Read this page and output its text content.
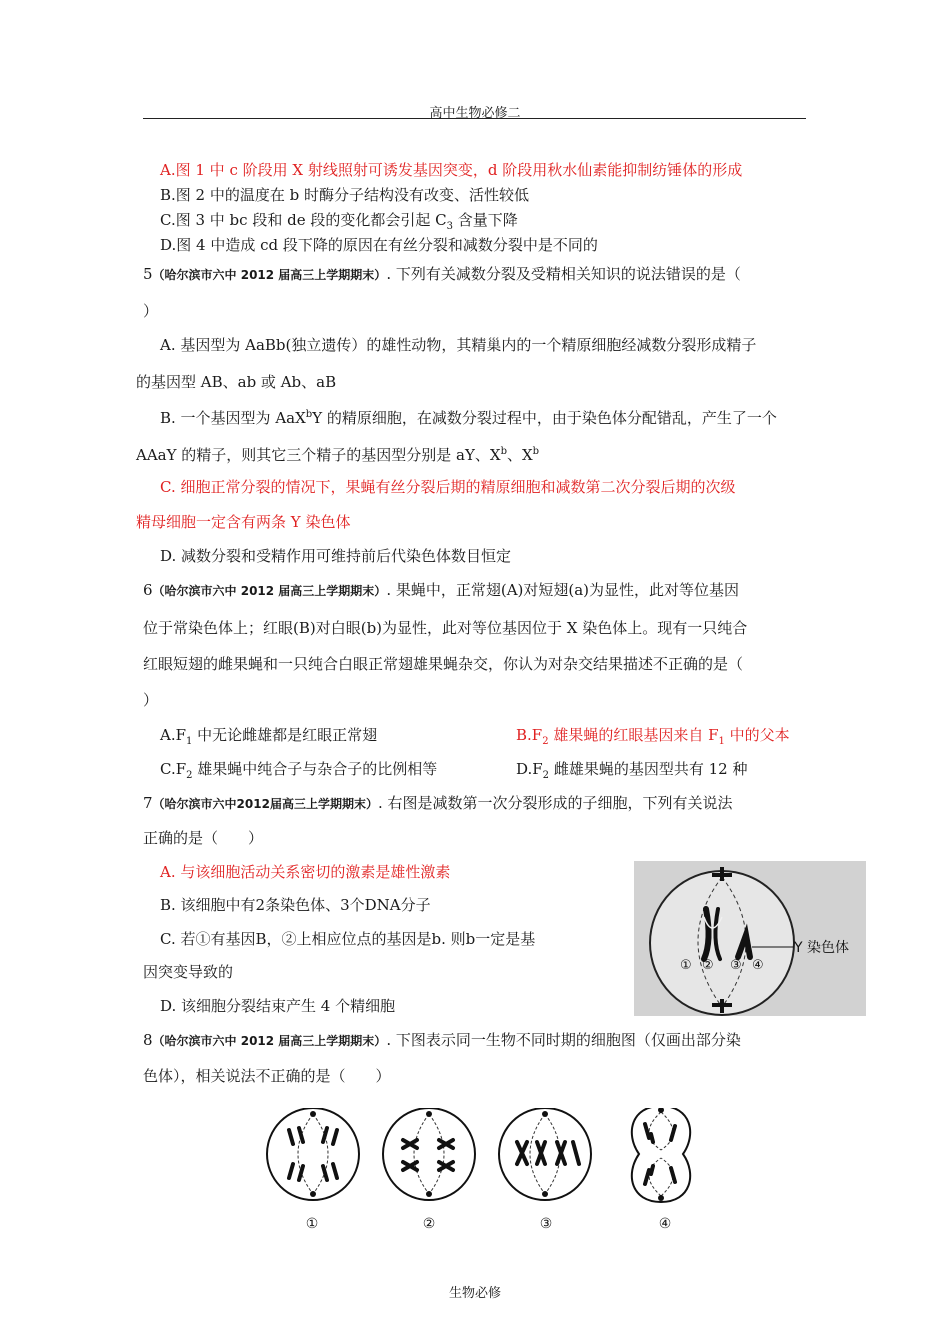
高中生物必修二
A.图 1 中 c 阶段用 X 射线照射可诱发基因突变，d 阶段用秋水仙素能抑制纺锤体的形成
B.图 2 中的温度在 b 时酶分子结构没有改变、活性较低
C.图 3 中 bc 段和 de 段的变化都会引起 $C_3$ 含量下降
D.图 4 中造成 cd 段下降的原因在有丝分裂和减数分裂中是不同的
5（哈尔滨市六中 2012 届高三上学期期末）. 下列有关减数分裂及受精相关知识的说法错误的是（
）
A. 基因型为 AaBb(独立遗传）的雄性动物，其精巢内的一个精原细胞经减数分裂形成精子
的基因型 AB、ab 或 Ab、aB
B. 一个基因型为 AaX$^b$Y 的精原细胞，在减数分裂过程中，由于染色体分配错乱，产生了一个
AAaY 的精子，则其它三个精子的基因型分别是 aY、$X^b$、$X^b$
C. 细胞正常分裂的情况下，果蝇有丝分裂后期的精原细胞和减数第二次分裂后期的次级
精母细胞一定含有两条 Y 染色体
D. 减数分裂和受精作用可维持前后代染色体数目恒定
6（哈尔滨市六中 2012 届高三上学期期末）. 果蝇中，正常翅(A)对短翅(a)为显性，此对等位基因
位于常染色体上；红眼(B)对白眼(b)为显性，此对等位基因位于 X 染色体上。现有一只纯合
红眼短翅的雌果蝇和一只纯合白眼正常翅雄果蝇杂交，你认为对杂交结果描述不正确的是（
）
$A.F_1$ 中无论雌雄都是红眼正常翅	$B.F_2$ 雄果蝇的红眼基因来自 $F_1$ 中的父本
$C.F_2$ 雄果蝇中纯合子与杂合子的比例相等	$D.F_2$ 雌雄果蝇的基因型共有 12 种
7（哈尔滨市六中2012届高三上学期期末）. 右图是减数第一次分裂形成的子细胞，下列有关说法
正确的是（　　）
A. 与该细胞活动关系密切的激素是雄性激素
B. 该细胞中有2条染色体、3个DNA分子
C. 若①有基因B，②上相应位点的基因是b. 则b一定是基
因突变导致的
D. 该细胞分裂结束产生 4 个精细胞
Y 染色体
① ② ③ ④
8（哈尔滨市六中 2012 届高三上学期期末）. 下图表示同一生物不同时期的细胞图（仅画出部分染
色体），相关说法不正确的是（　　）
①	②	③	④
生物必修
